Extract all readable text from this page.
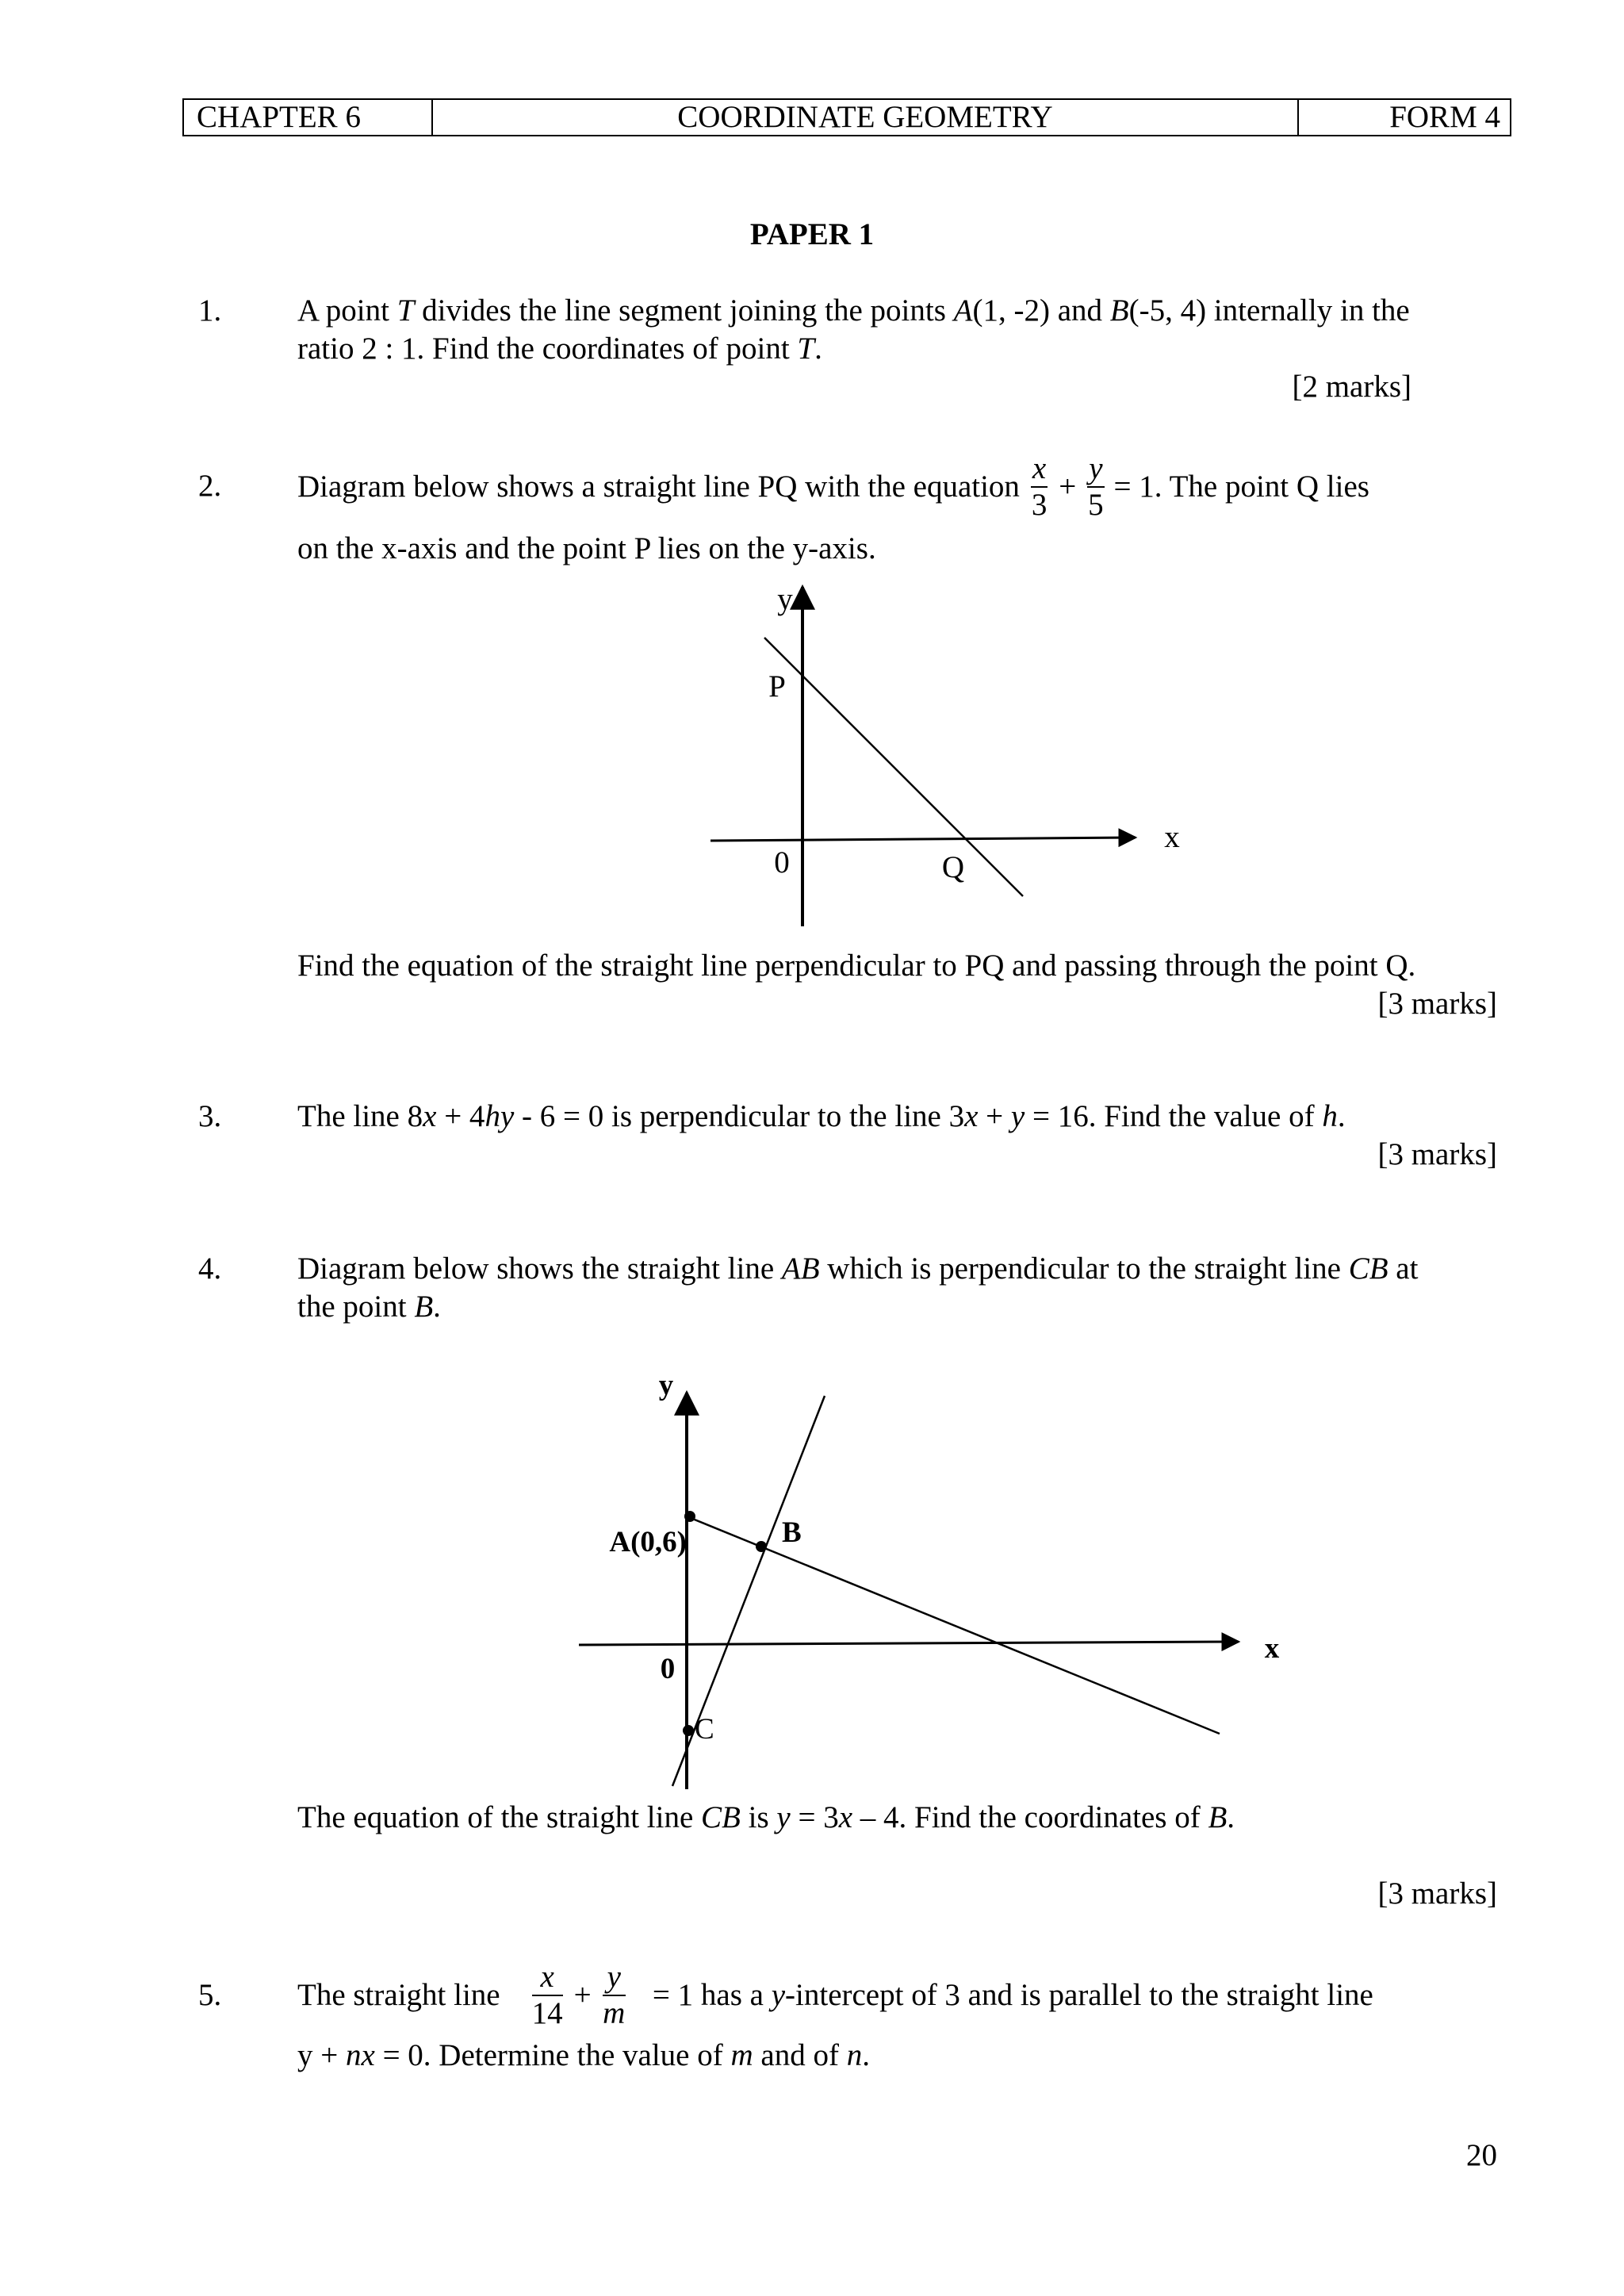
CHAPTER 6	COORDINATE GEOMETRY	FORM 4
PAPER 1
1. A point T divides the line segment joining the points A(1, -2) and B(-5, 4) internally in the
ratio 2 : 1. Find the coordinates of point T.
[2 marks]
2. Diagram below shows a straight line PQ with the equation $\frac{x}{3} + \frac{y}{5} = 1$. The point Q lies
on the x-axis and the point P lies on the y-axis.
y
x
P
Q
0
Find the equation of the straight line perpendicular to PQ and passing through the point Q.
[3 marks]
3. The line 8x + 4hy - 6 = 0 is perpendicular to the line 3x + y = 16. Find the value of h.
[3 marks]
4. Diagram below shows the straight line AB which is perpendicular to the straight line CB at
the point B.
y
x
A(0,6)	B
C
0
The equation of the straight line CB is y = 3x – 4. Find the coordinates of B.
[3 marks]
5. The straight line $\frac{x}{14} + \frac{y}{m} = 1$ has a y-intercept of 3 and is parallel to the straight line
y + nx = 0. Determine the value of m and of n.
20
